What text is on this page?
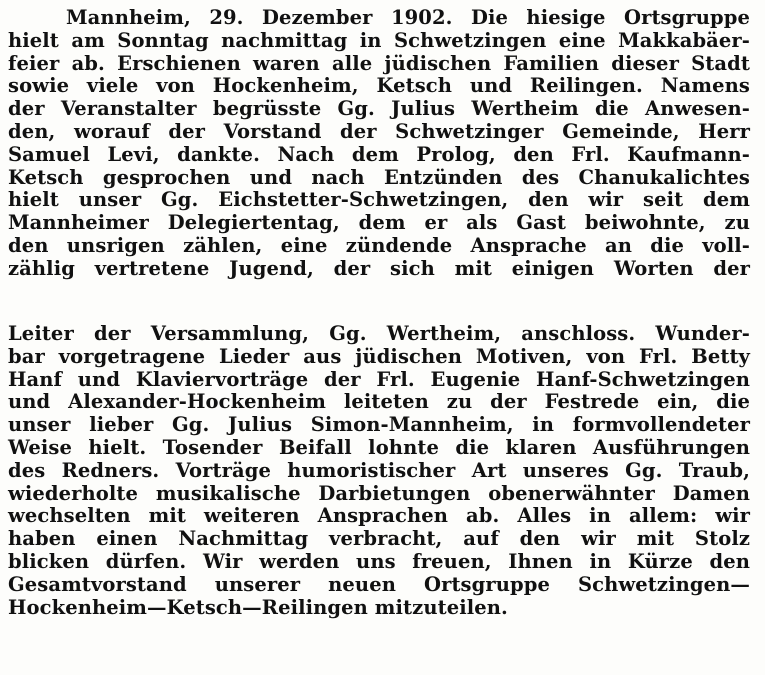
Mannheim, 29. Dezember 1902. Die hiesige Ortsgruppe
hielt am Sonntag nachmittag in Schwetzingen eine Makkabäer-
feier ab. Erschienen waren alle jüdischen Familien dieser Stadt
sowie viele von Hockenheim, Ketsch und Reilingen. Namens
der Veranstalter begrüsste Gg. Julius Wertheim die Anwesen-
den, worauf der Vorstand der Schwetzinger Gemeinde, Herr
Samuel Levi, dankte. Nach dem Prolog, den Frl. Kaufmann-
Ketsch gesprochen und nach Entzünden des Chanukalichtes
hielt unser Gg. Eichstetter-Schwetzingen, den wir seit dem
Mannheimer Delegiertentag, dem er als Gast beiwohnte, zu
den unsrigen zählen, eine zündende Ansprache an die voll-
zählig vertretene Jugend, der sich mit einigen Worten der
Leiter der Versammlung, Gg. Wertheim, anschloss. Wunder-
bar vorgetragene Lieder aus jüdischen Motiven, von Frl. Betty
Hanf und Klaviervorträge der Frl. Eugenie Hanf-Schwetzingen
und Alexander-Hockenheim leiteten zu der Festrede ein, die
unser lieber Gg. Julius Simon-Mannheim, in formvollendeter
Weise hielt. Tosender Beifall lohnte die klaren Ausführungen
des Redners. Vorträge humoristischer Art unseres Gg. Traub,
wiederholte musikalische Darbietungen obenerwähnter Damen
wechselten mit weiteren Ansprachen ab. Alles in allem: wir
haben einen Nachmittag verbracht, auf den wir mit Stolz
blicken dürfen. Wir werden uns freuen, Ihnen in Kürze den
Gesamtvorstand unserer neuen Ortsgruppe Schwetzingen—
Hockenheim—Ketsch—Reilingen mitzuteilen.
